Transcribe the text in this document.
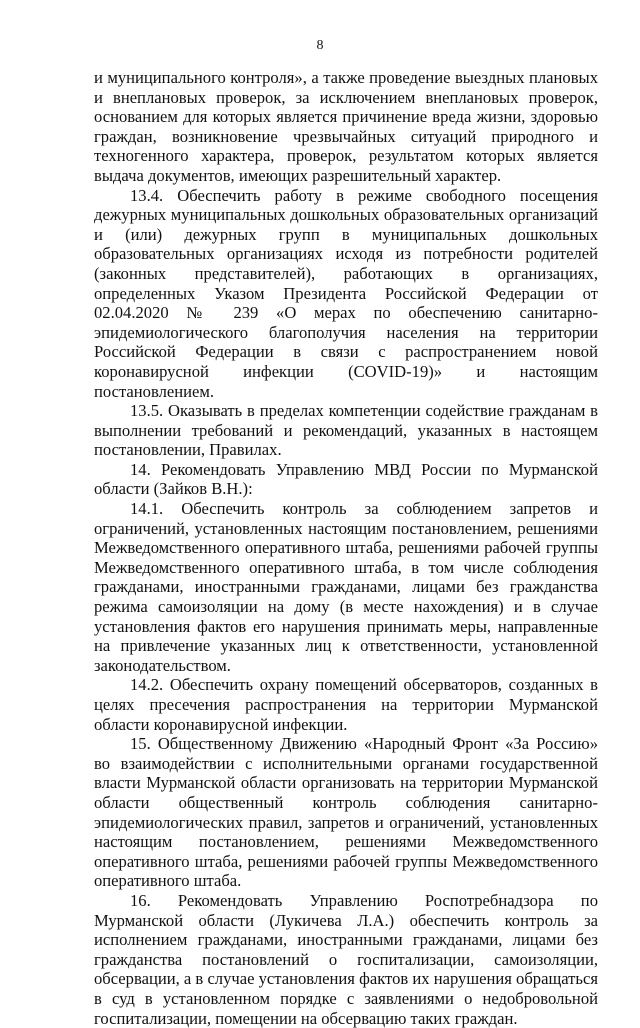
8

и муниципального контроля», а также проведение выездных плановых и внеплановых проверок, за исключением внеплановых проверок, основанием для которых является причинение вреда жизни, здоровью граждан, возникновение чрезвычайных ситуаций природного и техногенного характера, проверок, результатом которых является выдача документов, имеющих разрешительный характер.

13.4. Обеспечить работу в режиме свободного посещения дежурных муниципальных дошкольных образовательных организаций и (или) дежурных групп в муниципальных дошкольных образовательных организациях исходя из потребности родителей (законных представителей), работающих в организациях, определенных Указом Президента Российской Федерации от 02.04.2020 № 239 «О мерах по обеспечению санитарно-эпидемиологического благополучия населения на территории Российской Федерации в связи с распространением новой коронавирусной инфекции (COVID-19)» и настоящим постановлением.

13.5. Оказывать в пределах компетенции содействие гражданам в выполнении требований и рекомендаций, указанных в настоящем постановлении, Правилах.

14. Рекомендовать Управлению МВД России по Мурманской области (Зайков В.Н.):

14.1. Обеспечить контроль за соблюдением запретов и ограничений, установленных настоящим постановлением, решениями Межведомственного оперативного штаба, решениями рабочей группы Межведомственного оперативного штаба, в том числе соблюдения гражданами, иностранными гражданами, лицами без гражданства режима самоизоляции на дому (в месте нахождения) и в случае установления фактов его нарушения принимать меры, направленные на привлечение указанных лиц к ответственности, установленной законодательством.

14.2. Обеспечить охрану помещений обсерваторов, созданных в целях пресечения распространения на территории Мурманской области коронавирусной инфекции.

15. Общественному Движению «Народный Фронт «За Россию» во взаимодействии с исполнительными органами государственной власти Мурманской области организовать на территории Мурманской области общественный контроль соблюдения санитарно-эпидемиологических правил, запретов и ограничений, установленных настоящим постановлением, решениями Межведомственного оперативного штаба, решениями рабочей группы Межведомственного оперативного штаба.

16. Рекомендовать Управлению Роспотребнадзора по Мурманской области (Лукичева Л.А.) обеспечить контроль за исполнением гражданами, иностранными гражданами, лицами без гражданства постановлений о госпитализации, самоизоляции, обсервации, а в случае установления фактов их нарушения обращаться в суд в установленном порядке с заявлениями о недобровольной госпитализации, помещении на обсервацию таких граждан.
